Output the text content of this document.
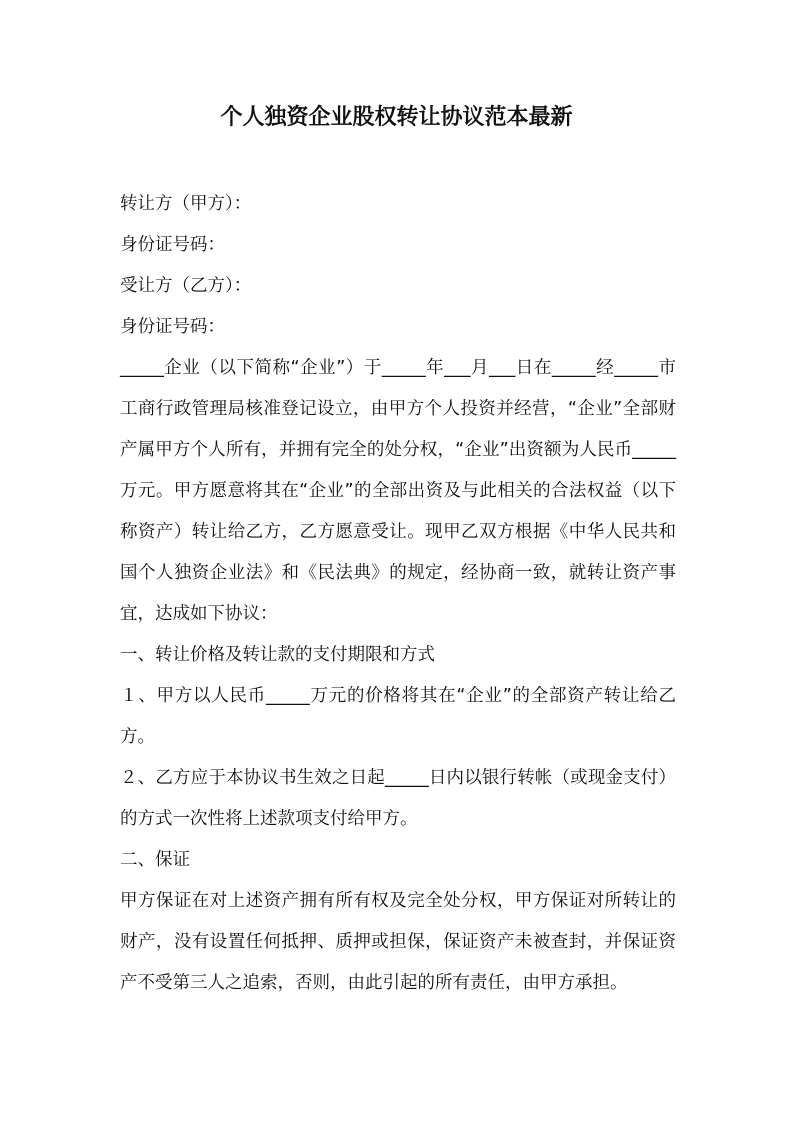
个人独资企业股权转让协议范本最新

转让方（甲方）：

身份证号码：

受让方（乙方）：

身份证号码：

_____企业（以下简称“企业”）于_____年___月___日在_____经_____市工商行政管理局核准登记设立，由甲方个人投资并经营，“企业”全部财产属甲方个人所有，并拥有完全的处分权，“企业”出资额为人民币_____万元。甲方愿意将其在“企业”的全部出资及与此相关的合法权益（以下称资产）转让给乙方，乙方愿意受让。现甲乙双方根据《中华人民共和国个人独资企业法》和《民法典》的规定，经协商一致，就转让资产事宜，达成如下协议：

一、转让价格及转让款的支付期限和方式

１、甲方以人民币_____万元的价格将其在“企业”的全部资产转让给乙方。

２、乙方应于本协议书生效之日起_____日内以银行转帐（或现金支付）的方式一次性将上述款项支付给甲方。

二、保证

甲方保证在对上述资产拥有所有权及完全处分权，甲方保证对所转让的财产，没有设置任何抵押、质押或担保，保证资产未被查封，并保证资产不受第三人之追索，否则，由此引起的所有责任，由甲方承担。
